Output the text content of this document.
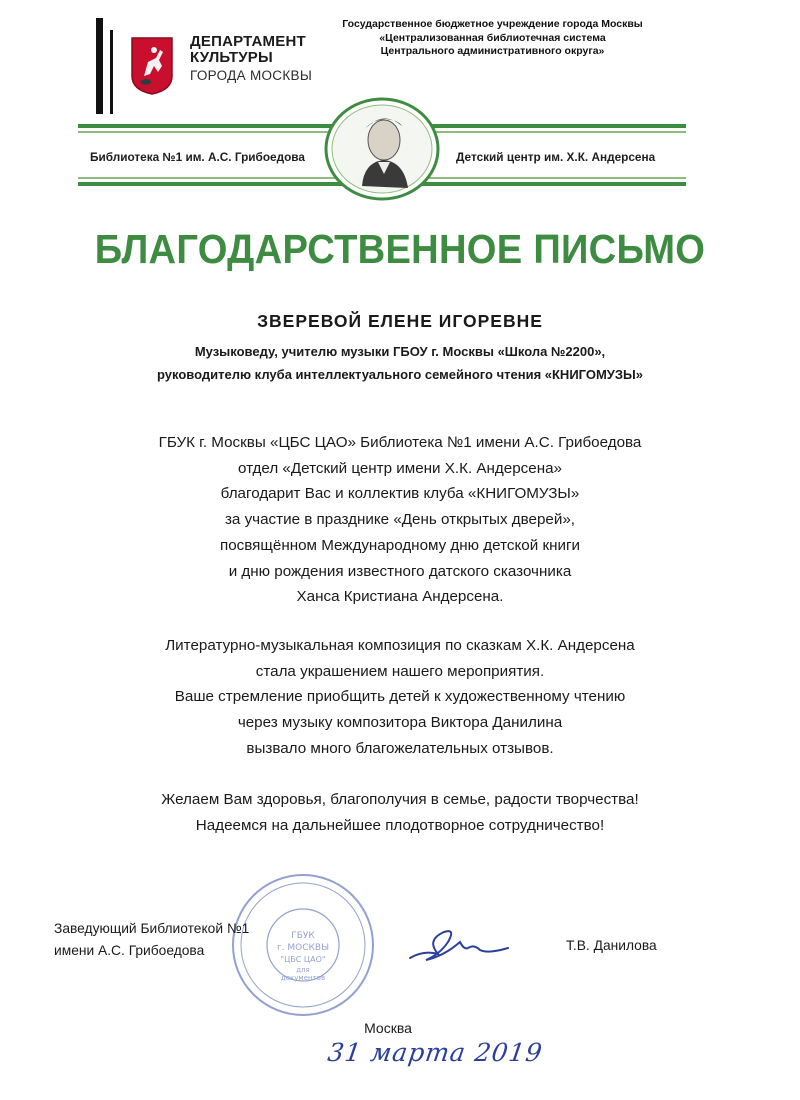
ДЕПАРТАМЕНТ
КУЛЬТУРЫ
ГОРОДА МОСКВЫ
Государственное бюджетное учреждение города Москвы
«Централизованная библиотечная система
Центрального административного округа»
Библиотека №1 им. А.С. Грибоедова	Детский центр им. Х.К. Андерсена
БЛАГОДАРСТВЕННОЕ ПИСЬМО
ЗВЕРЕВОЙ ЕЛЕНЕ ИГОРЕВНЕ
Музыковеду, учителю музыки ГБОУ г. Москвы «Школа №2200»,
руководителю клуба интеллектуального семейного чтения «КНИГОМУЗЫ»
ГБУК г. Москвы «ЦБС ЦАО» Библиотека №1 имени А.С. Грибоедова
отдел «Детский центр имени Х.К. Андерсена»
благодарит Вас и коллектив клуба «КНИГОМУЗЫ»
за участие в празднике «День открытых дверей»,
посвящённом Международному дню детской книги
и дню рождения известного датского сказочника
Ханса Кристиана Андерсена.
Литературно-музыкальная композиция по сказкам Х.К. Андерсена
стала украшением нашего мероприятия.
Ваше стремление приобщить детей к художественному чтению
через музыку композитора Виктора Данилина
вызвало много благожелательных отзывов.
Желаем Вам здоровья, благополучия в семье, радости творчества!
Надеемся на дальнейшее плодотворное сотрудничество!
ГБУК
г. МОСКВЫ
"ЦБС ЦАО"
для
документов
Заведующий Библиотекой №1
имени А.С. Грибоедова	Т.В. Данилова
Москва
31 марта 2019
